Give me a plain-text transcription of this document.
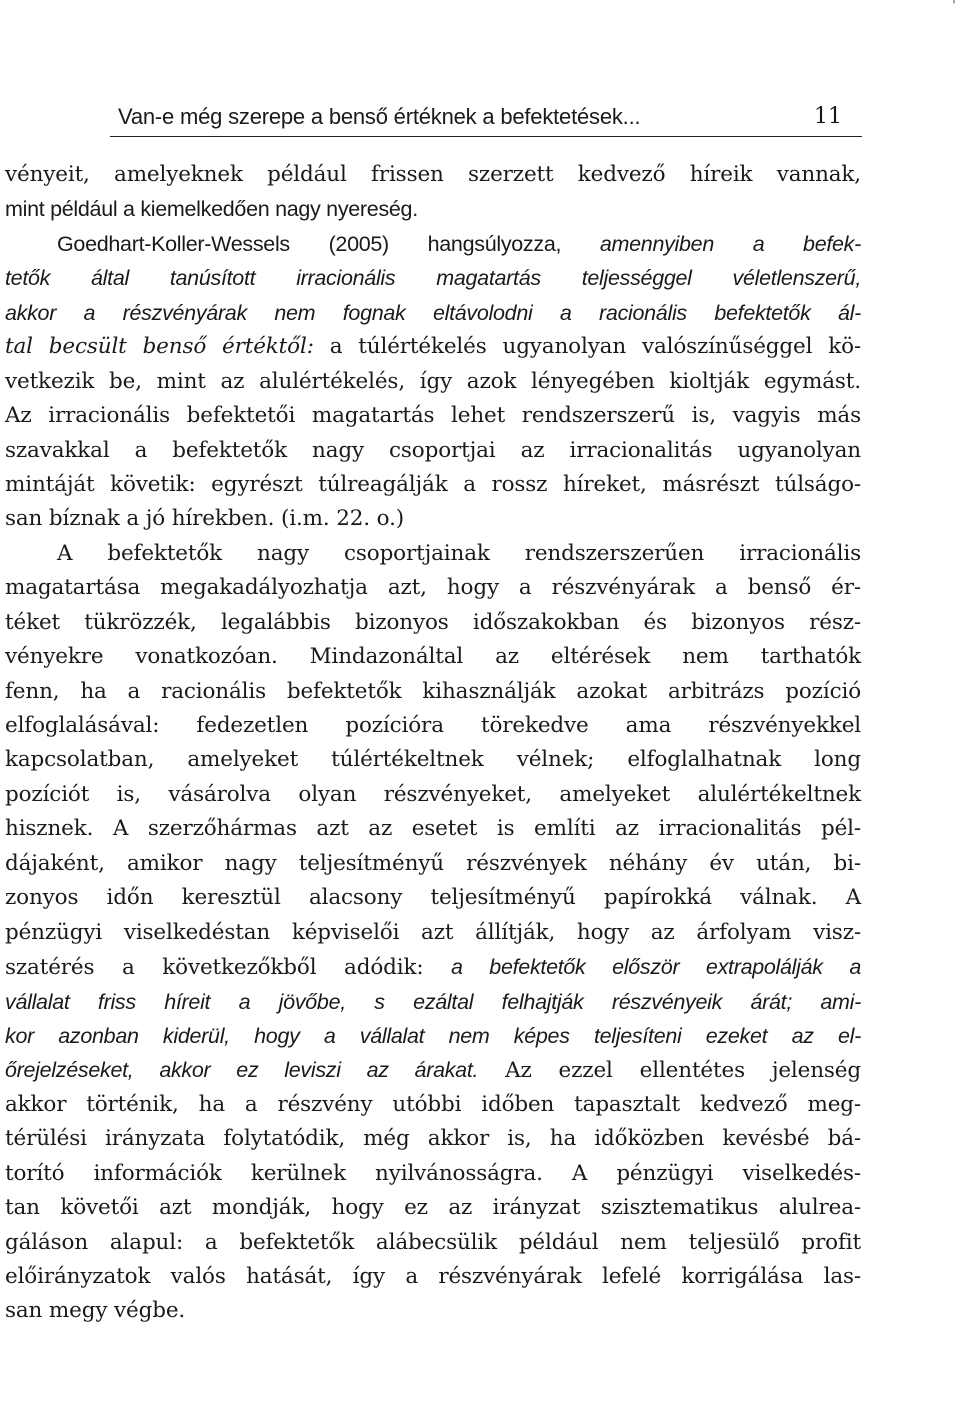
'
Van-e még szerepe a benső értéknek a befektetések...	11
vényeit, amelyeknek például frissen szerzett kedvező híreik vannak,
mint például a kiemelkedően nagy nyereség.
Goedhart-Koller-Wessels (2005) hangsúlyozza, amennyiben a befek-
tetők által tanúsított irracionális magatartás teljességgel véletlenszerű,
akkor a részvényárak nem fognak eltávolodni a racionális befektetők ál-
tal becsült benső értéktől: a túlértékelés ugyanolyan valószínűséggel kö-
vetkezik be, mint az alulértékelés, így azok lényegében kioltják egymást.
Az irracionális befektetői magatartás lehet rendszerszerű is, vagyis más
szavakkal a befektetők nagy csoportjai az irracionalitás ugyanolyan
mintáját követik: egyrészt túlreagálják a rossz híreket, másrészt túlságo-
san bíznak a jó hírekben. (i.m. 22. o.)
A befektetők nagy csoportjainak rendszerszerűen irracionális
magatartása megakadályozhatja azt, hogy a részvényárak a benső ér-
téket tükrözzék, legalábbis bizonyos időszakokban és bizonyos rész-
vényekre vonatkozóan. Mindazonáltal az eltérések nem tarthatók
fenn, ha a racionális befektetők kihasználják azokat arbitrázs pozíció
elfoglalásával: fedezetlen pozícióra törekedve ama részvényekkel
kapcsolatban, amelyeket túlértékeltnek vélnek; elfoglalhatnak long
pozíciót is, vásárolva olyan részvényeket, amelyeket alulértékeltnek
hisznek. A szerzőhármas azt az esetet is említi az irracionalitás pél-
dájaként, amikor nagy teljesítményű részvények néhány év után, bi-
zonyos időn keresztül alacsony teljesítményű papírokká válnak. A
pénzügyi viselkedéstan képviselői azt állítják, hogy az árfolyam visz-
szatérés a következőkből adódik: a befektetők először extrapolálják a
vállalat friss híreit a jövőbe, s ezáltal felhajtják részvényeik árát; ami-
kor azonban kiderül, hogy a vállalat nem képes teljesíteni ezeket az el-
őrejelzéseket, akkor ez leviszi az árakat. Az ezzel ellentétes jelenség
akkor történik, ha a részvény utóbbi időben tapasztalt kedvező meg-
térülési irányzata folytatódik, még akkor is, ha időközben kevésbé bá-
torító információk kerülnek nyilvánosságra. A pénzügyi viselkedés-
tan követői azt mondják, hogy ez az irányzat szisztematikus alulrea-
gáláson alapul: a befektetők alábecsülik például nem teljesülő profit
előirányzatok valós hatását, így a részvényárak lefelé korrigálása las-
san megy végbe.
